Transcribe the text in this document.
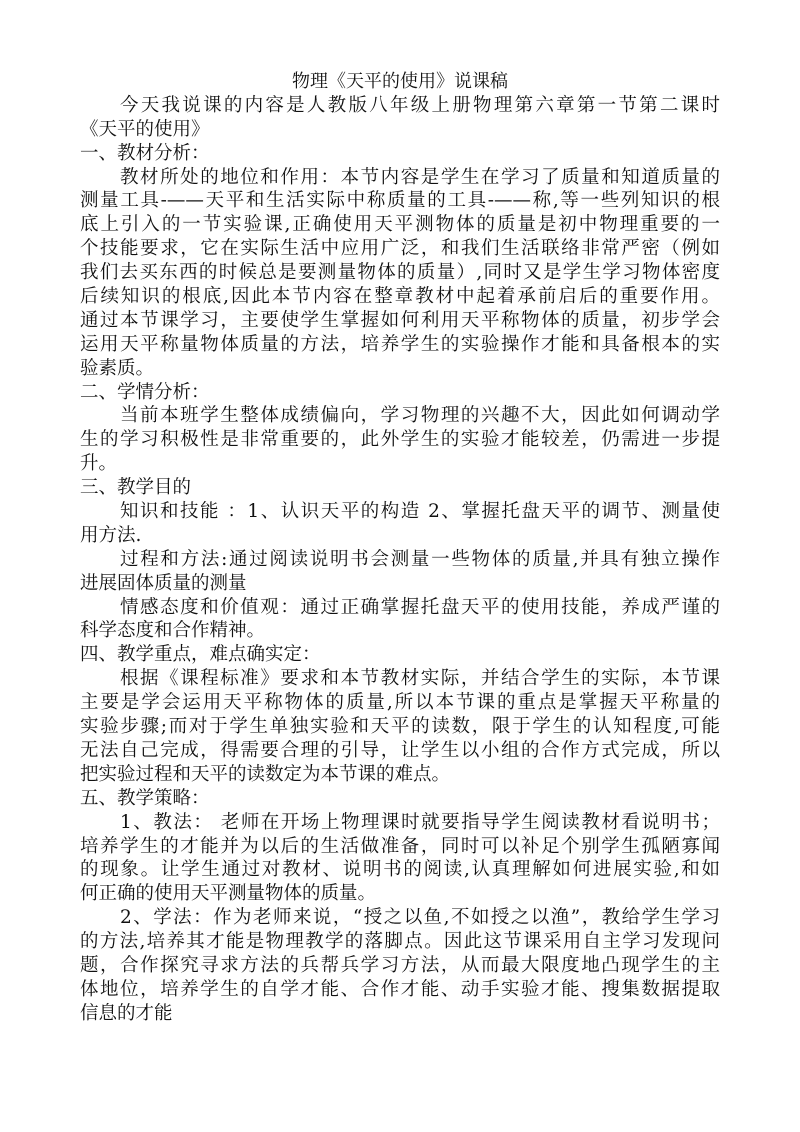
物理《天平的使用》说课稿
今天我说课的内容是人教版八年级上册物理第六章第一节第二课时
《天平的使用》
一、教材分析：
教材所处的地位和作用：本节内容是学生在学习了质量和知道质量的
测量工具-——天平和生活实际中称质量的工具-——称,等一些列知识的根
底上引入的一节实验课,正确使用天平测物体的质量是初中物理重要的一
个技能要求，它在实际生活中应用广泛，和我们生活联络非常严密（例如
我们去买东西的时候总是要测量物体的质量）,同时又是学生学习物体密度
后续知识的根底,因此本节内容在整章教材中起着承前启后的重要作用。
通过本节课学习，主要使学生掌握如何利用天平称物体的质量，初步学会
运用天平称量物体质量的方法，培养学生的实验操作才能和具备根本的实
验素质。
二、学情分析：
当前本班学生整体成绩偏向，学习物理的兴趣不大，因此如何调动学
生的学习积极性是非常重要的，此外学生的实验才能较差，仍需进一步提
升。
三、教学目的
知识和技能 ：1、认识天平的构造 2、掌握托盘天平的调节、测量使
用方法.
过程和方法:通过阅读说明书会测量一些物体的质量,并具有独立操作
进展固体质量的测量
情感态度和价值观：通过正确掌握托盘天平的使用技能，养成严谨的
科学态度和合作精神。
四、教学重点，难点确实定：
根据《课程标准》要求和本节教材实际，并结合学生的实际，本节课
主要是学会运用天平称物体的质量,所以本节课的重点是掌握天平称量的
实验步骤;而对于学生单独实验和天平的读数，限于学生的认知程度,可能
无法自己完成，得需要合理的引导，让学生以小组的合作方式完成，所以
把实验过程和天平的读数定为本节课的难点。
五、教学策略：
1、教法： 老师在开场上物理课时就要指导学生阅读教材看说明书；
培养学生的才能并为以后的生活做准备，同时可以补足个别学生孤陋寡闻
的现象。让学生通过对教材、说明书的阅读,认真理解如何进展实验,和如
何正确的使用天平测量物体的质量。
2、学法：作为老师来说，“授之以鱼,不如授之以渔”，教给学生学习
的方法,培养其才能是物理教学的落脚点。因此这节课采用自主学习发现问
题，合作探究寻求方法的兵帮兵学习方法，从而最大限度地凸现学生的主
体地位，培养学生的自学才能、合作才能、动手实验才能、搜集数据提取
信息的才能
